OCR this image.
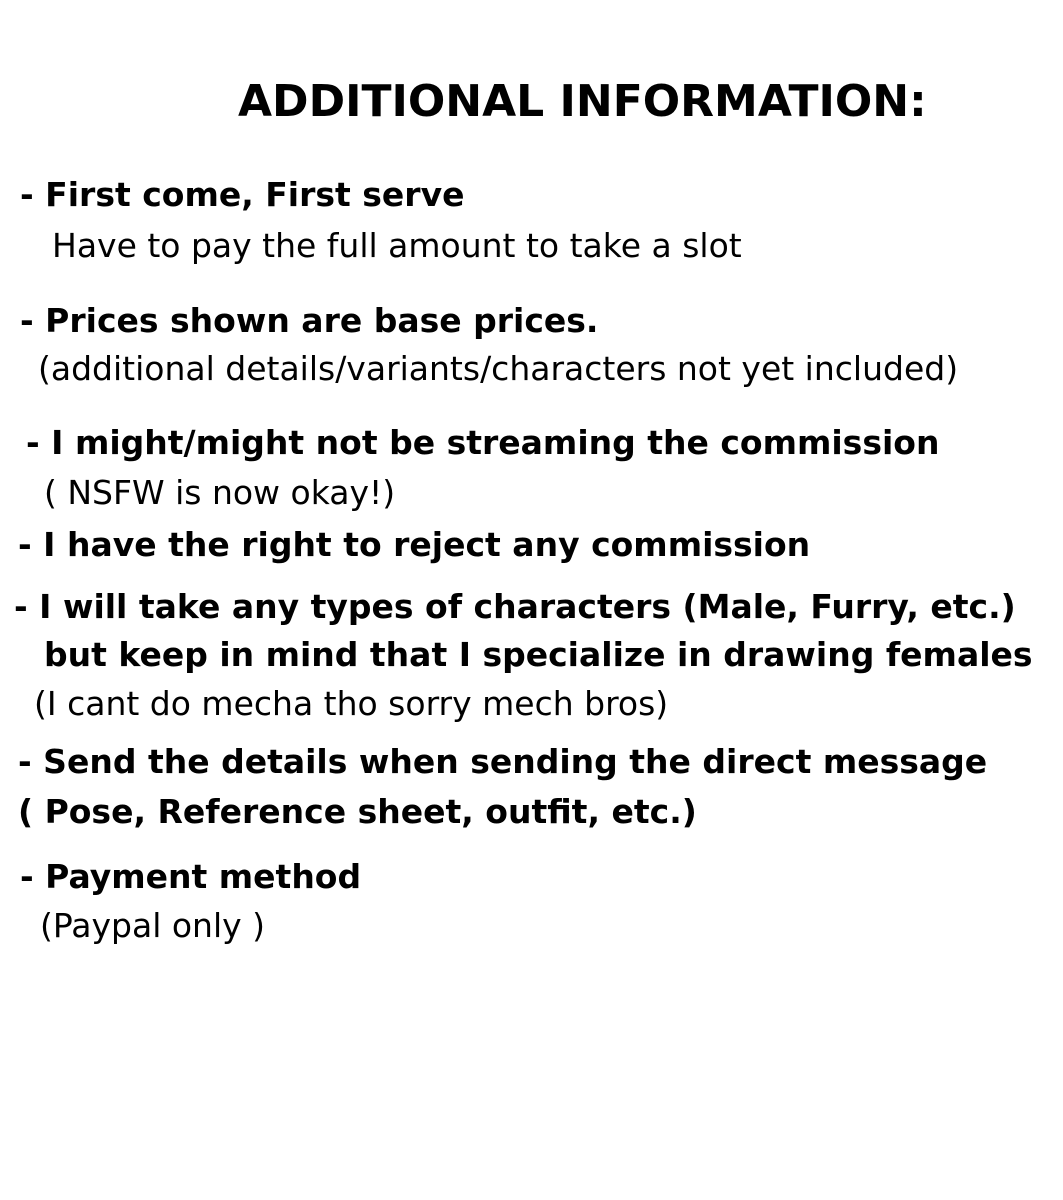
ADDITIONAL INFORMATION:
- First come, First serve
Have to pay the full amount to take a slot
- Prices shown are base prices.
(additional details/variants/characters not yet included)
- I might/might not be streaming the commission
( NSFW is now okay!)
- I have the right to reject any commission
- I will take any types of characters (Male, Furry, etc.)
but keep in mind that I specialize in drawing females
(I cant do mecha tho sorry mech bros)
- Send the details when sending the direct message
( Pose, Reference sheet, outfit, etc.)
- Payment method
(Paypal only )
